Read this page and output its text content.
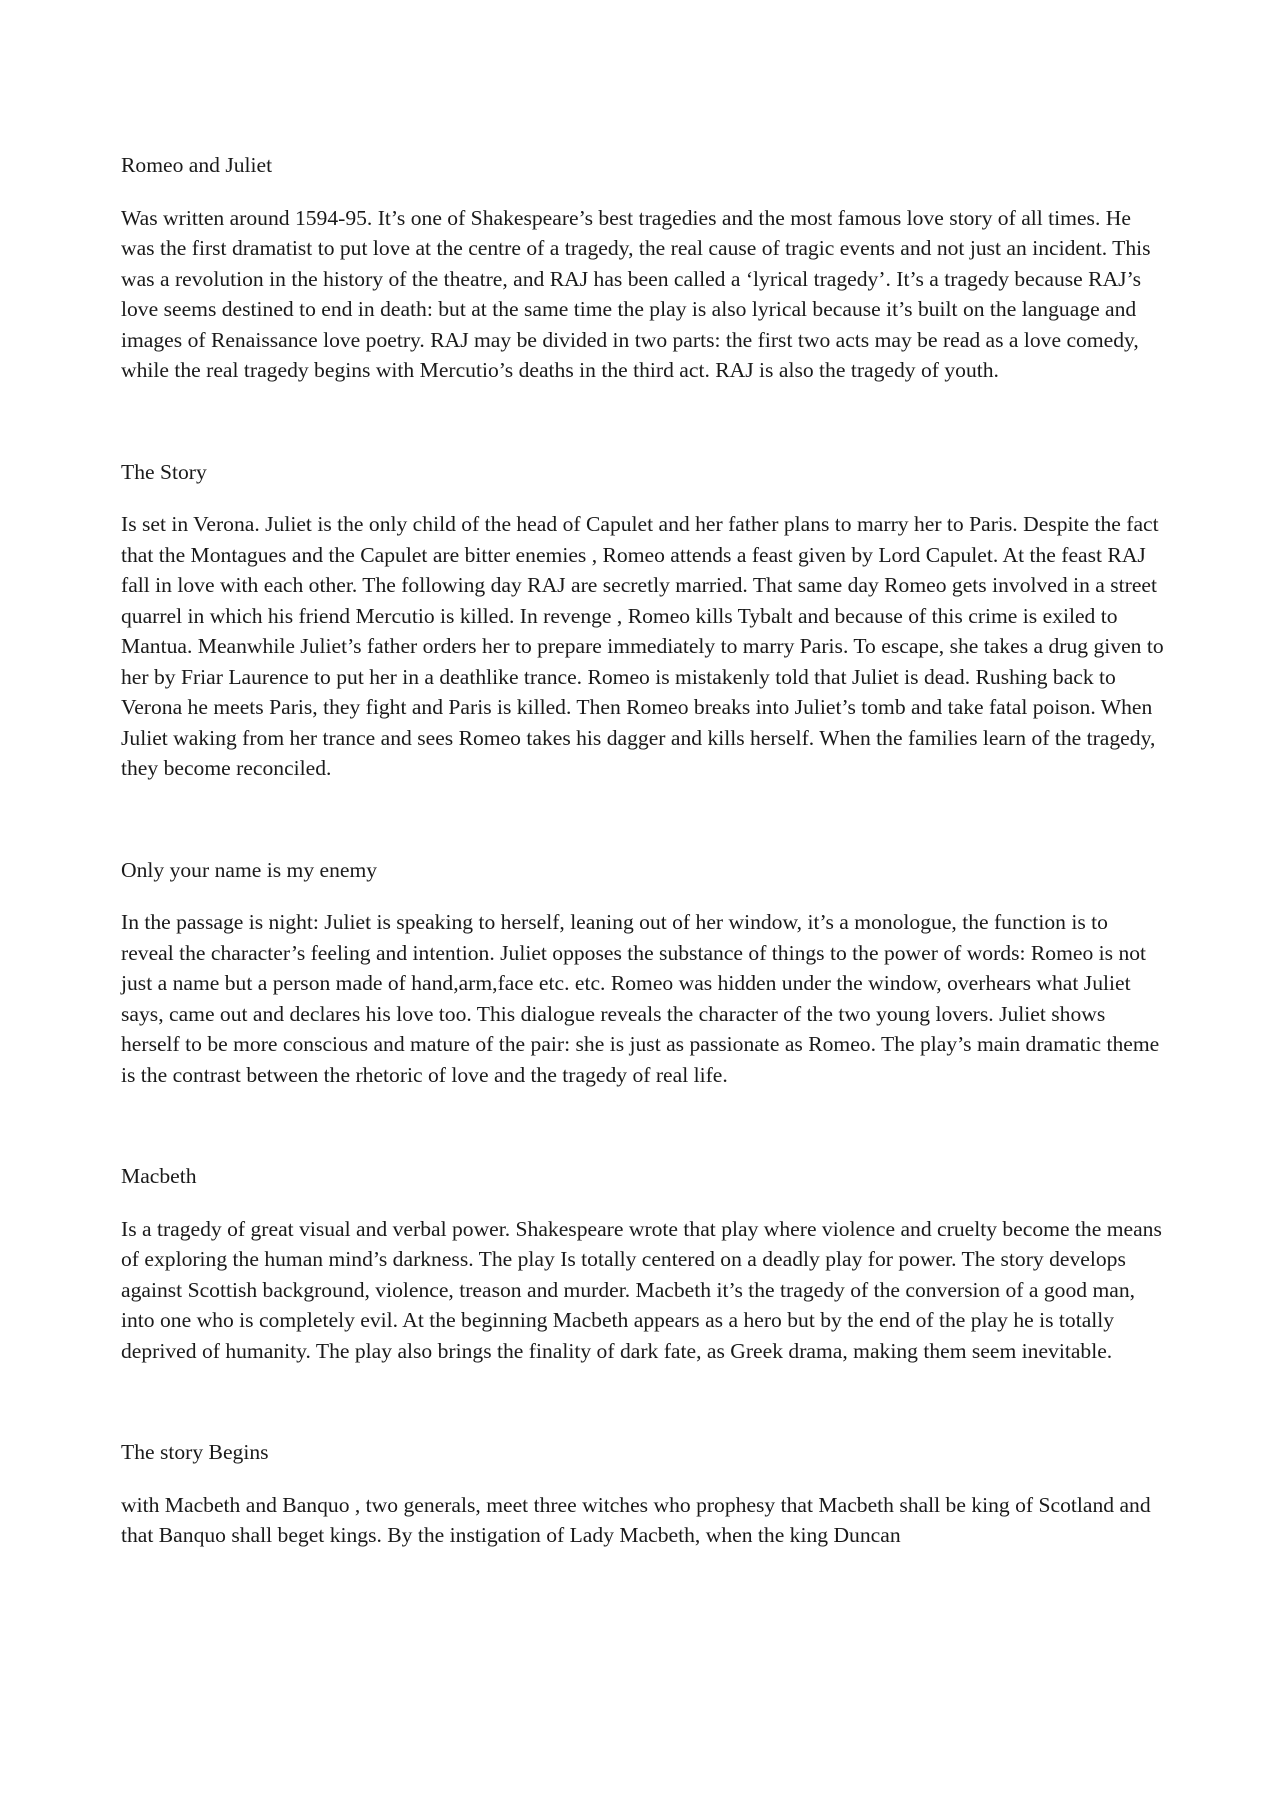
Romeo and Juliet

Was written around 1594-95. It’s one of Shakespeare’s best tragedies and the most famous love story of all times. He was the first dramatist to put love at the centre of a tragedy, the real cause of tragic events and not just an incident. This was a revolution in the history of the theatre, and RAJ has been called a ‘lyrical tragedy’. It’s a tragedy because RAJ’s love seems destined to end in death: but at the same time the play is also lyrical because it’s built on the language and images of Renaissance love poetry. RAJ may be divided in two parts: the first two acts may be read as a love comedy, while the real tragedy begins with Mercutio’s deaths in the third act. RAJ is also the tragedy of youth.

The Story

Is set in Verona. Juliet is the only child of the head of Capulet and her father plans to marry her to Paris. Despite the fact that the Montagues and the Capulet are bitter enemies , Romeo attends a feast given by Lord Capulet. At the feast RAJ fall in love with each other. The following day RAJ are secretly married. That same day Romeo gets involved in a street quarrel in which his friend Mercutio is killed. In revenge , Romeo kills Tybalt and because of this crime is exiled to Mantua. Meanwhile Juliet’s father orders her to prepare immediately to marry Paris. To escape, she takes a drug given to her by Friar Laurence to put her in a deathlike trance. Romeo is mistakenly told that Juliet is dead. Rushing back to Verona he meets Paris, they fight and Paris is killed. Then Romeo breaks into Juliet’s tomb and take fatal poison. When Juliet waking from her trance and sees Romeo takes his dagger and kills herself. When the families learn of the tragedy, they become reconciled.

Only your name is my enemy

In the passage is night: Juliet is speaking to herself, leaning out of her window, it’s a monologue, the function is to reveal the character’s feeling and intention. Juliet opposes the substance of things to the power of words: Romeo is not just a name but a person made of hand,arm,face etc. etc. Romeo was hidden under the window, overhears what Juliet says, came out and declares his love too. This dialogue reveals the character of the two young lovers. Juliet shows herself to be more conscious and mature of the pair: she is just as passionate as Romeo. The play’s main dramatic theme is the contrast between the rhetoric of love and the tragedy of real life.

Macbeth

Is a tragedy of great visual and verbal power. Shakespeare wrote that play where violence and cruelty become the means of exploring the human mind’s darkness. The play Is totally centered on a deadly play for power. The story develops against Scottish background, violence, treason and murder. Macbeth it’s the tragedy of the conversion of a good man, into one who is completely evil. At the beginning Macbeth appears as a hero but by the end of the play he is totally deprived of humanity. The play also brings the finality of dark fate, as Greek drama, making them seem inevitable.

The story Begins

with Macbeth and Banquo , two generals, meet three witches who prophesy that Macbeth shall be king of Scotland and that Banquo shall beget kings. By the instigation of Lady Macbeth, when the king Duncan
